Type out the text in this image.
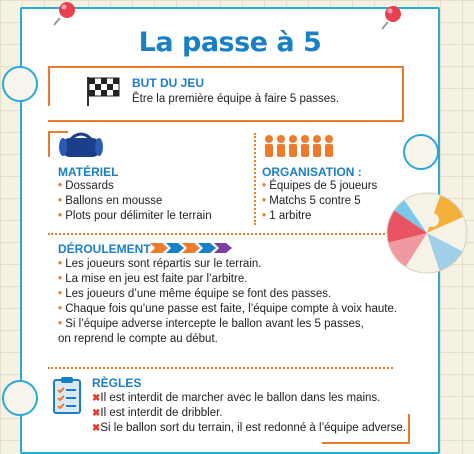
La passe à 5
BUT DU JEU
Être la première équipe à faire 5 passes.
MATÉRIEL
• Dossards
• Ballons en mousse
• Plots pour délimiter le terrain
ORGANISATION :
• Équipes de 5 joueurs
• Matchs 5 contre 5
• 1 arbitre
DÉROULEMENT
• Les joueurs sont répartis sur le terrain.
• La mise en jeu est faite par l’arbitre.
• Les joueurs d’une même équipe se font des passes.
• Chaque fois qu’une passe est faite, l’équipe compte à voix haute.
• Si l’équipe adverse intercepte le ballon avant les 5 passes,
on reprend le compte au début.
RÈGLES
✖ Il est interdit de marcher avec le ballon dans les mains.
✖ Il est interdit de dribbler.
✖ Si le ballon sort du terrain, il est redonné à l’équipe adverse.
